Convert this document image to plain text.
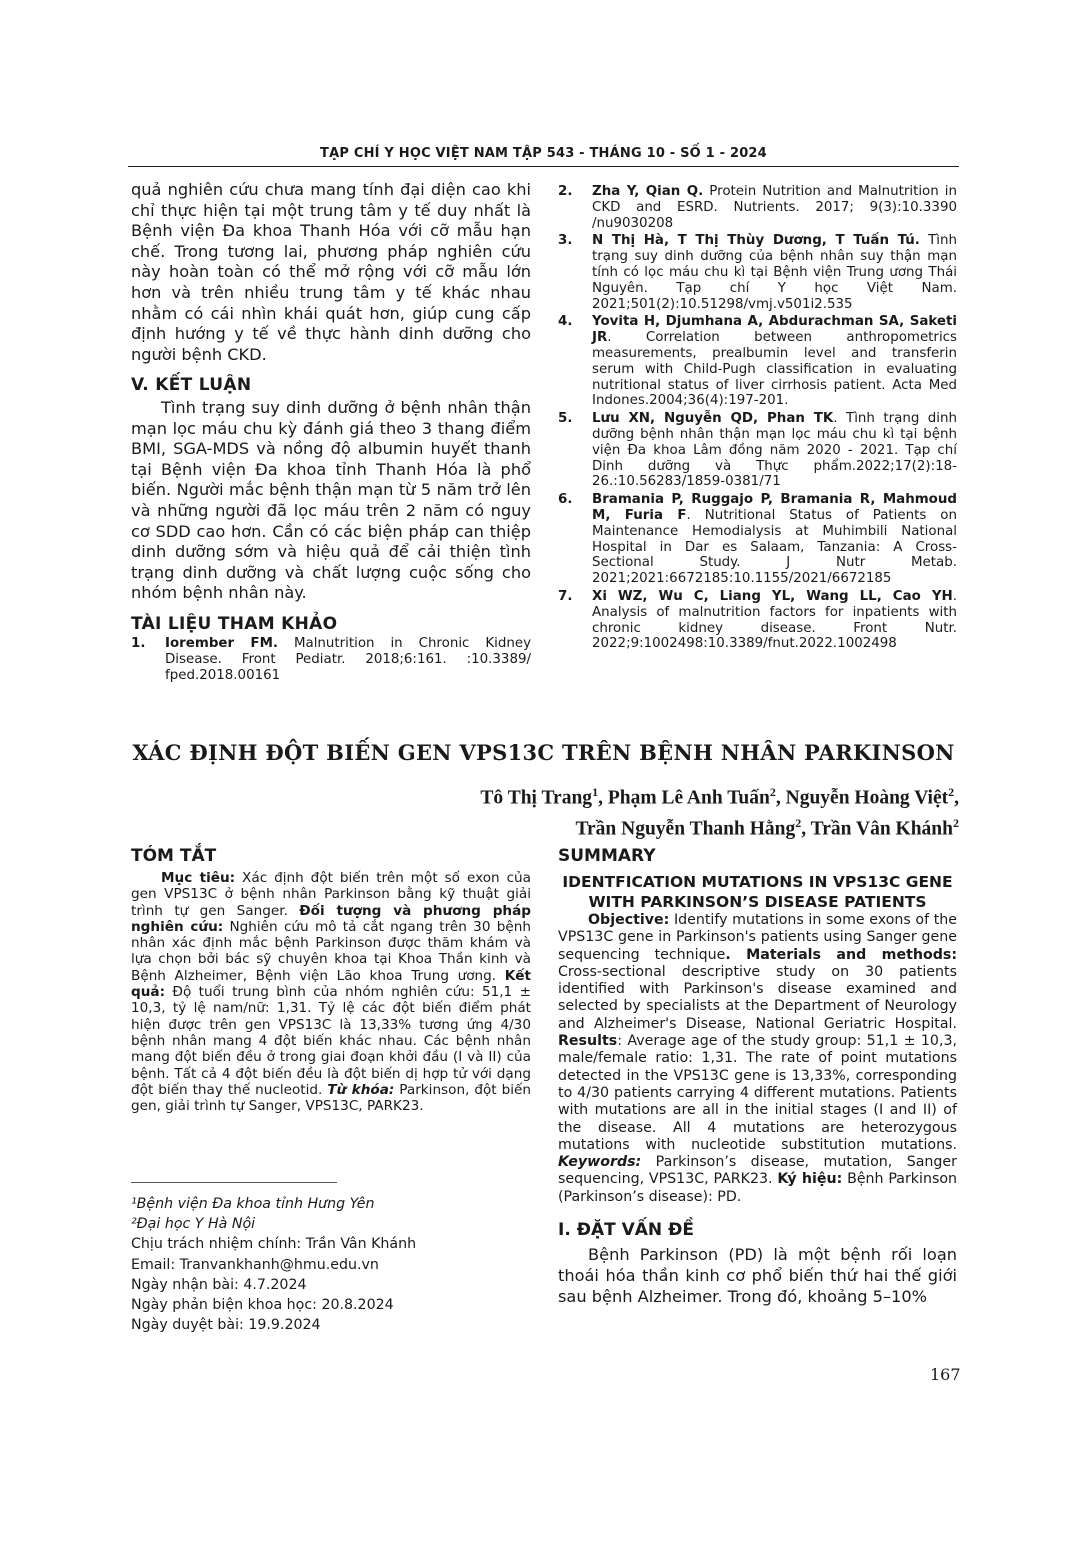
TẠP CHÍ Y HỌC VIỆT NAM TẬP 543 - THÁNG 10 - SỐ 1 - 2024

quả nghiên cứu chưa mang tính đại diện cao khi chỉ thực hiện tại một trung tâm y tế duy nhất là Bệnh viện Đa khoa Thanh Hóa với cỡ mẫu hạn chế. Trong tương lai, phương pháp nghiên cứu này hoàn toàn có thể mở rộng với cỡ mẫu lớn hơn và trên nhiều trung tâm y tế khác nhau nhằm có cái nhìn khái quát hơn, giúp cung cấp định hướng y tế về thực hành dinh dưỡng cho người bệnh CKD.

V. KẾT LUẬN

Tình trạng suy dinh dưỡng ở bệnh nhân thận mạn lọc máu chu kỳ đánh giá theo 3 thang điểm BMI, SGA-MDS và nồng độ albumin huyết thanh tại Bệnh viện Đa khoa tỉnh Thanh Hóa là phổ biến. Người mắc bệnh thận mạn từ 5 năm trở lên và những người đã lọc máu trên 2 năm có nguy cơ SDD cao hơn. Cần có các biện pháp can thiệp dinh dưỡng sớm và hiệu quả để cải thiện tình trạng dinh dưỡng và chất lượng cuộc sống cho nhóm bệnh nhân này.

TÀI LIỆU THAM KHẢO

1.	Iorember FM. Malnutrition in Chronic Kidney Disease. Front Pediatr. 2018;6:161. :10.3389/ fped.2018.00161
2.	Zha Y, Qian Q. Protein Nutrition and Malnutrition in CKD and ESRD. Nutrients. 2017; 9(3):10.3390 /nu9030208
3.	N Thị Hà, T Thị Thùy Dương, T Tuấn Tú. Tình trạng suy dinh dưỡng của bệnh nhân suy thận mạn tính có lọc máu chu kì tại Bệnh viện Trung ương Thái Nguyên. Tạp chí Y học Việt Nam. 2021;501(2):10.51298/vmj.v501i2.535
4.	Yovita H, Djumhana A, Abdurachman SA, Saketi JR. Correlation between anthropometrics measurements, prealbumin level and transferin serum with Child-Pugh classification in evaluating nutritional status of liver cirrhosis patient. Acta Med Indones.2004;36(4):197-201.
5.	Lưu XN, Nguyễn QD, Phan TK. Tình trạng dinh dưỡng bệnh nhân thận mạn lọc máu chu kì tại bệnh viện Đa khoa Lâm đồng năm 2020 - 2021. Tạp chí Dinh dưỡng và Thực phẩm.2022;17(2):18-26.:10.56283/1859-0381/71
6.	Bramania P, Ruggajo P, Bramania R, Mahmoud M, Furia F. Nutritional Status of Patients on Maintenance Hemodialysis at Muhimbili National Hospital in Dar es Salaam, Tanzania: A Cross-Sectional Study. J Nutr Metab. 2021;2021:6672185:10.1155/2021/6672185
7.	Xi WZ, Wu C, Liang YL, Wang LL, Cao YH. Analysis of malnutrition factors for inpatients with chronic kidney disease. Front Nutr. 2022;9:1002498:10.3389/fnut.2022.1002498
XÁC ĐỊNH ĐỘT BIẾN GEN VPS13C TRÊN BỆNH NHÂN PARKINSON
Tô Thị Trang$^1$, Phạm Lê Anh Tuấn$^2$, Nguyễn Hoàng Việt$^2$,
Trần Nguyễn Thanh Hằng$^2$, Trần Vân Khánh$^2$
TÓM TẮT
Mục tiêu: Xác định đột biến trên một số exon của gen VPS13C ở bệnh nhân Parkinson bằng kỹ thuật giải trình tự gen Sanger. Đối tượng và phương pháp nghiên cứu: Nghiên cứu mô tả cắt ngang trên 30 bệnh nhân xác định mắc bệnh Parkinson được thăm khám và lựa chọn bởi bác sỹ chuyên khoa tại Khoa Thần kinh và Bệnh Alzheimer, Bệnh viện Lão khoa Trung ương. Kết quả: Độ tuổi trung bình của nhóm nghiên cứu: 51,1 ± 10,3, tỷ lệ nam/nữ: 1,31. Tỷ lệ các đột biến điểm phát hiện được trên gen VPS13C là 13,33% tương ứng 4/30 bệnh nhân mang 4 đột biến khác nhau. Các bệnh nhân mang đột biến đều ở trong giai đoạn khởi đầu (I và II) của bệnh. Tất cả 4 đột biến đều là đột biến dị hợp tử với dạng đột biến thay thế nucleotid. Từ khóa: Parkinson, đột biến gen, giải trình tự Sanger, VPS13C, PARK23.
¹Bệnh viện Đa khoa tỉnh Hưng Yên
²Đại học Y Hà Nội
Chịu trách nhiệm chính: Trần Vân Khánh
Email: Tranvankhanh@hmu.edu.vn
Ngày nhận bài: 4.7.2024
Ngày phản biện khoa học: 20.8.2024
Ngày duyệt bài: 19.9.2024
SUMMARY
IDENTFICATION MUTATIONS IN VPS13C GENE WITH PARKINSON’S DISEASE PATIENTS
Objective: Identify mutations in some exons of the VPS13C gene in Parkinson's patients using Sanger gene sequencing technique. Materials and methods: Cross-sectional descriptive study on 30 patients identified with Parkinson's disease examined and selected by specialists at the Department of Neurology and Alzheimer's Disease, National Geriatric Hospital. Results: Average age of the study group: 51,1 ± 10,3, male/female ratio: 1,31. The rate of point mutations detected in the VPS13C gene is 13,33%, corresponding to 4/30 patients carrying 4 different mutations. Patients with mutations are all in the initial stages (I and II) of the disease. All 4 mutations are heterozygous mutations with nucleotide substitution mutations. Keywords: Parkinson’s disease, mutation, Sanger sequencing, VPS13C, PARK23. Ký hiệu: Bệnh Parkinson (Parkinson’s disease): PD.
I. ĐẶT VẤN ĐỀ
Bệnh Parkinson (PD) là một bệnh rối loạn thoái hóa thần kinh cơ phổ biến thứ hai thế giới sau bệnh Alzheimer. Trong đó, khoảng 5–10%
167
